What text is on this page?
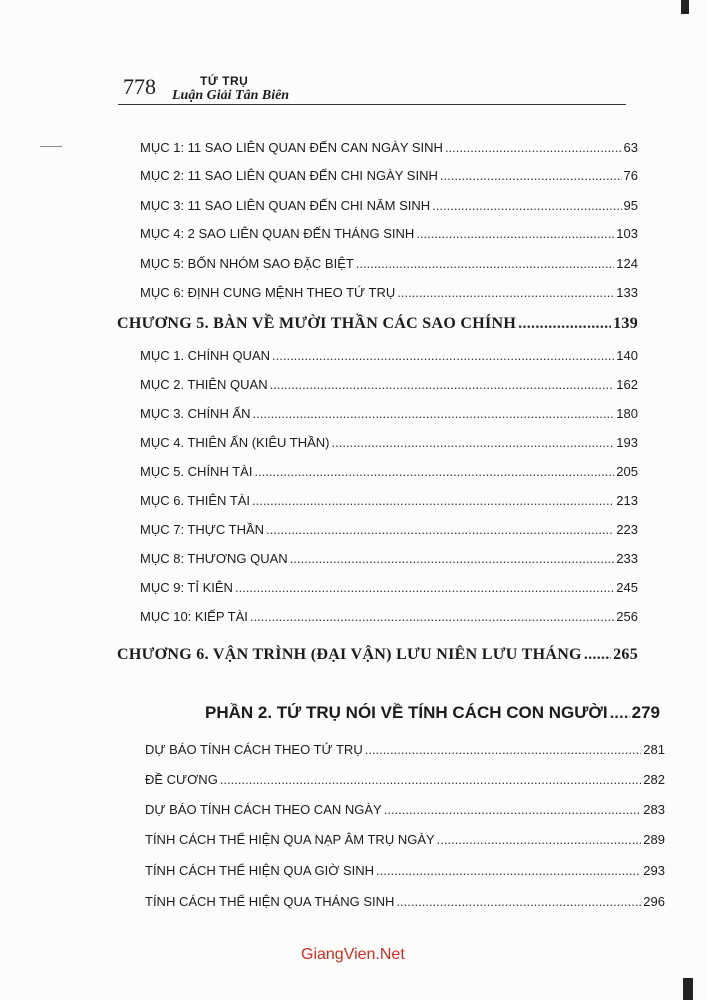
778	TỨ TRỤ
Luận Giải Tân Biên
MỤC 1: 11 SAO LIÊN QUAN ĐẾN CAN NGÀY SINH .....	63
MỤC 2: 11 SAO LIÊN QUAN ĐẾN CHI NGÀY SINH .....	76
MỤC 3: 11 SAO LIÊN QUAN ĐẾN CHI NĂM SINH .....	95
MỤC 4: 2 SAO LIÊN QUAN ĐẾN THÁNG SINH .....	103
MỤC 5: BỐN NHÓM SAO ĐẶC BIỆT .....	124
MỤC 6: ĐỊNH CUNG MỆNH THEO TỨ TRỤ .....	133
CHƯƠNG 5. BÀN VỀ MƯỜI THẦN CÁC SAO CHÍNH .....	139
MỤC 1. CHÍNH QUAN .....	140
MỤC 2. THIÊN QUAN .....	162
MỤC 3. CHÍNH ẤN .....	180
MỤC 4. THIÊN ẤN (KIÊU THẦN) .....	193
MỤC 5. CHÍNH TÀI .....	205
MỤC 6. THIÊN TÀI .....	213
MỤC 7: THỰC THẦN .....	223
MỤC 8: THƯƠNG QUAN .....	233
MỤC 9: TỈ KIÊN .....	245
MỤC 10: KIẾP TÀI .....	256
CHƯƠNG 6. VẬN TRÌNH (ĐẠI VẬN) LƯU NIÊN LƯU THÁNG ..... 265
PHẦN 2. TỨ TRỤ NÓI VỀ TÍNH CÁCH CON NGƯỜI ..... 279
DỰ BÁO TÍNH CÁCH THEO TỨ TRỤ .....	281
ĐỀ CƯƠNG .....	282
DỰ BÁO TÍNH CÁCH THEO CAN NGÀY .....	283
TÍNH CÁCH THỂ HIỆN QUA NẠP ÂM TRỤ NGÀY .....	289
TÍNH CÁCH THỂ HIỆN QUA GIỜ SINH .....	293
TÍNH CÁCH THỂ HIỆN QUA THÁNG SINH .....	296
GiangVien.Net
